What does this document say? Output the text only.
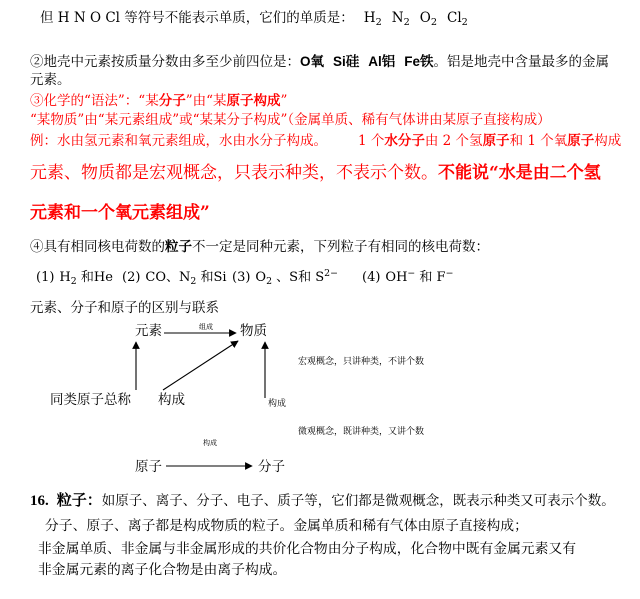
但 H N O Cl 等符号不能表示单质，它们的单质是： $H_2$ $N_2$ $O_2$ $Cl_2$
②地壳中元素按质量分数由多至少前四位是：O氧 Si硅 Al铝 Fe铁。铝是地壳中含量最多的金属
元素。
③化学的“语法”：“某分子”由“某原子构成”
“某物质”由“某元素组成”或“某某分子构成”（金属单质、稀有气体讲由某原子直接构成）
例：水由氢元素和氧元素组成，水由水分子构成。 1 个水分子由 2 个氢原子和 1 个氧原子构成
元素、物质都是宏观概念，只表示种类，不表示个数。不能说“水是由二个氢
元素和一个氧元素组成”
④具有相同核电荷数的粒子不一定是同种元素，下列粒子有相同的核电荷数：
(1) $H_2$ 和He (2) CO、$N_2$ 和Si (3) $O_2$ 、S和 $S^{2-}$ (4) OH− 和 F−
元素、分子和原子的区别与联系
元素	物质
组成
宏观概念，只讲种类，不讲个数
同类原子总称 构成	构成
微观概念，既讲种类，又讲个数
构成
原子	分子
16. 粒子：如原子、离子、分子、电子、质子等，它们都是微观概念，既表示种类又可表示个数。
分子、原子、离子都是构成物质的粒子。金属单质和稀有气体由原子直接构成；
非金属单质、非金属与非金属形成的共价化合物由分子构成，化合物中既有金属元素又有
非金属元素的离子化合物是由离子构成。
